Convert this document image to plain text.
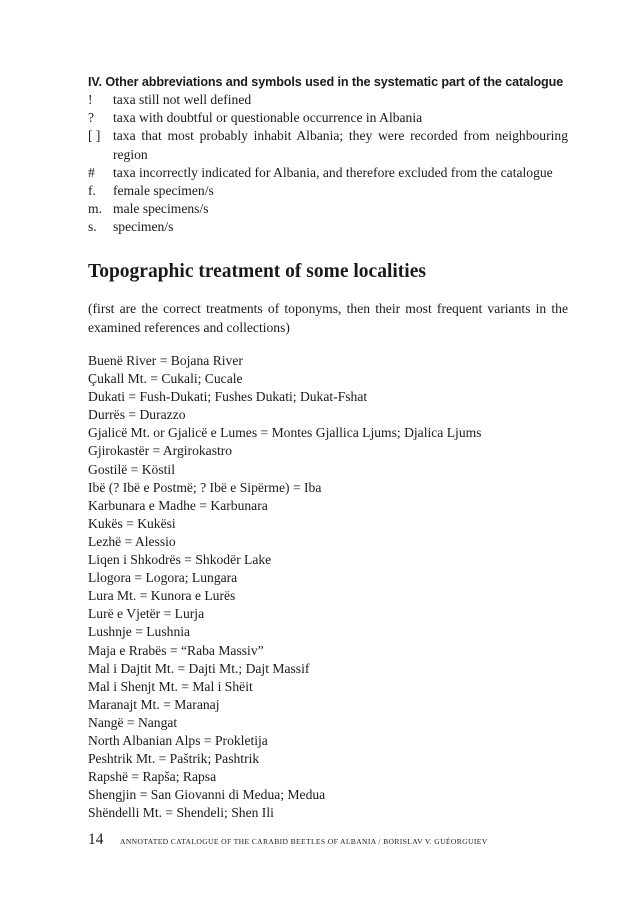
IV. Other abbreviations and symbols used in the systematic part of the catalogue
!	taxa still not well defined
?	taxa with doubtful or questionable occurrence in Albania
[ ] taxa that most probably inhabit Albania; they were recorded from neighbouring region
#	taxa incorrectly indicated for Albania, and therefore excluded from the catalogue
f.	female specimen/s
m. male specimens/s
s.	specimen/s
Topographic treatment of some localities
(first are the correct treatments of toponyms, then their most frequent variants in the examined references and collections)
Buenë River = Bojana River
Çukall Mt. = Cukali; Cucale
Dukati = Fush-Dukati; Fushes Dukati; Dukat-Fshat
Durrës = Durazzo
Gjalicë Mt. or Gjalicë e Lumes = Montes Gjallica Ljums; Djalica Ljums
Gjirokastër = Argirokastro
Gostilë = Köstil
Ibë (? Ibë e Postmë; ? Ibë e Sipërme) = Iba
Karbunara e Madhe = Karbunara
Kukës = Kukësi
Lezhë = Alessio
Liqen i Shkodrës = Shkodër Lake
Llogora = Logora; Lungara
Lura Mt. = Kunora e Lurës
Lurë e Vjetër = Lurja
Lushnje = Lushnia
Maja e Rrabës = “Raba Massiv”
Mal i Dajtit Mt. = Dajti Mt.; Dajt Massif
Mal i Shenjt Mt. = Mal i Shëit
Maranajt Mt. = Maranaj
Nangë = Nangat
North Albanian Alps = Prokletija
Peshtrik Mt. = Paštrik; Pashtrik
Rapshë = Rapša; Rapsa
Shengjin = San Giovanni di Medua; Medua
Shëndelli Mt. = Shendeli; Shen Ili
14	ANNOTATED CATALOGUE OF THE CARABID BEETLES OF ALBANIA / BORISLAV V. GUÉORGUIEV
